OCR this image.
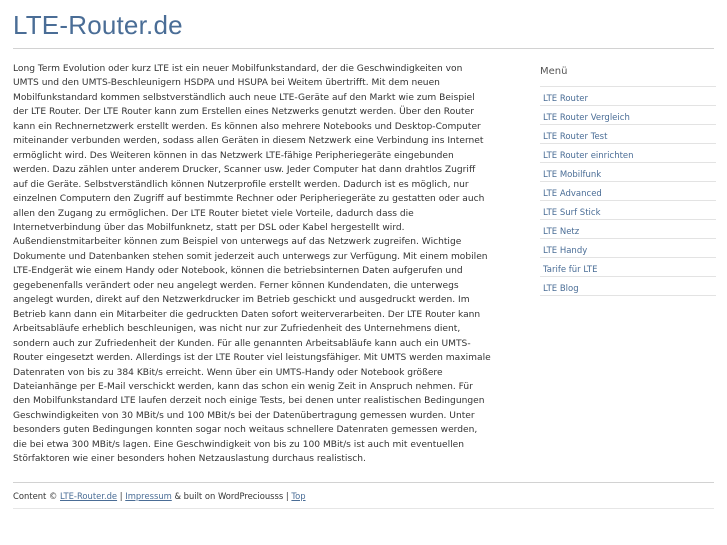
LTE-Router.de

Long Term Evolution oder kurz LTE ist ein neuer Mobilfunkstandard, der die Geschwindigkeiten von UMTS und den UMTS-Beschleunigern HSDPA und HSUPA bei Weitem übertrifft. Mit dem neuen Mobilfunkstandard kommen selbstverständlich auch neue LTE-Geräte auf den Markt wie zum Beispiel der LTE Router. Der LTE Router kann zum Erstellen eines Netzwerks genutzt werden. Über den Router kann ein Rechnernetzwerk erstellt werden. Es können also mehrere Notebooks und Desktop-Computer miteinander verbunden werden, sodass allen Geräten in diesem Netzwerk eine Verbindung ins Internet ermöglicht wird. Des Weiteren können in das Netzwerk LTE-fähige Peripheriegeräte eingebunden werden. Dazu zählen unter anderem Drucker, Scanner usw. Jeder Computer hat dann drahtlos Zugriff auf die Geräte. Selbstverständlich können Nutzerprofile erstellt werden. Dadurch ist es möglich, nur einzelnen Computern den Zugriff auf bestimmte Rechner oder Peripheriegeräte zu gestatten oder auch allen den Zugang zu ermöglichen. Der LTE Router bietet viele Vorteile, dadurch dass die Internetverbindung über das Mobilfunknetz, statt per DSL oder Kabel hergestellt wird. Außendienstmitarbeiter können zum Beispiel von unterwegs auf das Netzwerk zugreifen. Wichtige Dokumente und Datenbanken stehen somit jederzeit auch unterwegs zur Verfügung. Mit einem mobilen LTE-Endgerät wie einem Handy oder Notebook, können die betriebsinternen Daten aufgerufen und gegebenenfalls verändert oder neu angelegt werden. Ferner können Kundendaten, die unterwegs angelegt wurden, direkt auf den Netzwerkdrucker im Betrieb geschickt und ausgedruckt werden. Im Betrieb kann dann ein Mitarbeiter die gedruckten Daten sofort weiterverarbeiten. Der LTE Router kann Arbeitsabläufe erheblich beschleunigen, was nicht nur zur Zufriedenheit des Unternehmens dient, sondern auch zur Zufriedenheit der Kunden. Für alle genannten Arbeitsabläufe kann auch ein UMTS-Router eingesetzt werden. Allerdings ist der LTE Router viel leistungsfähiger. Mit UMTS werden maximale Datenraten von bis zu 384 KBit/s erreicht. Wenn über ein UMTS-Handy oder Notebook größere Dateianhänge per E-Mail verschickt werden, kann das schon ein wenig Zeit in Anspruch nehmen. Für den Mobilfunkstandard LTE laufen derzeit noch einige Tests, bei denen unter realistischen Bedingungen Geschwindigkeiten von 30 MBit/s und 100 MBit/s bei der Datenübertragung gemessen wurden. Unter besonders guten Bedingungen konnten sogar noch weitaus schnellere Datenraten gemessen werden, die bei etwa 300 MBit/s lagen. Eine Geschwindigkeit von bis zu 100 MBit/s ist auch mit eventuellen Störfaktoren wie einer besonders hohen Netzauslastung durchaus realistisch.

Menü
LTE Router
LTE Router Vergleich
LTE Router Test
LTE Router einrichten
LTE Mobilfunk
LTE Advanced
LTE Surf Stick
LTE Netz
LTE Handy
Tarife für LTE
LTE Blog
Content © LTE-Router.de | Impressum & built on WordPreciousss | Top
